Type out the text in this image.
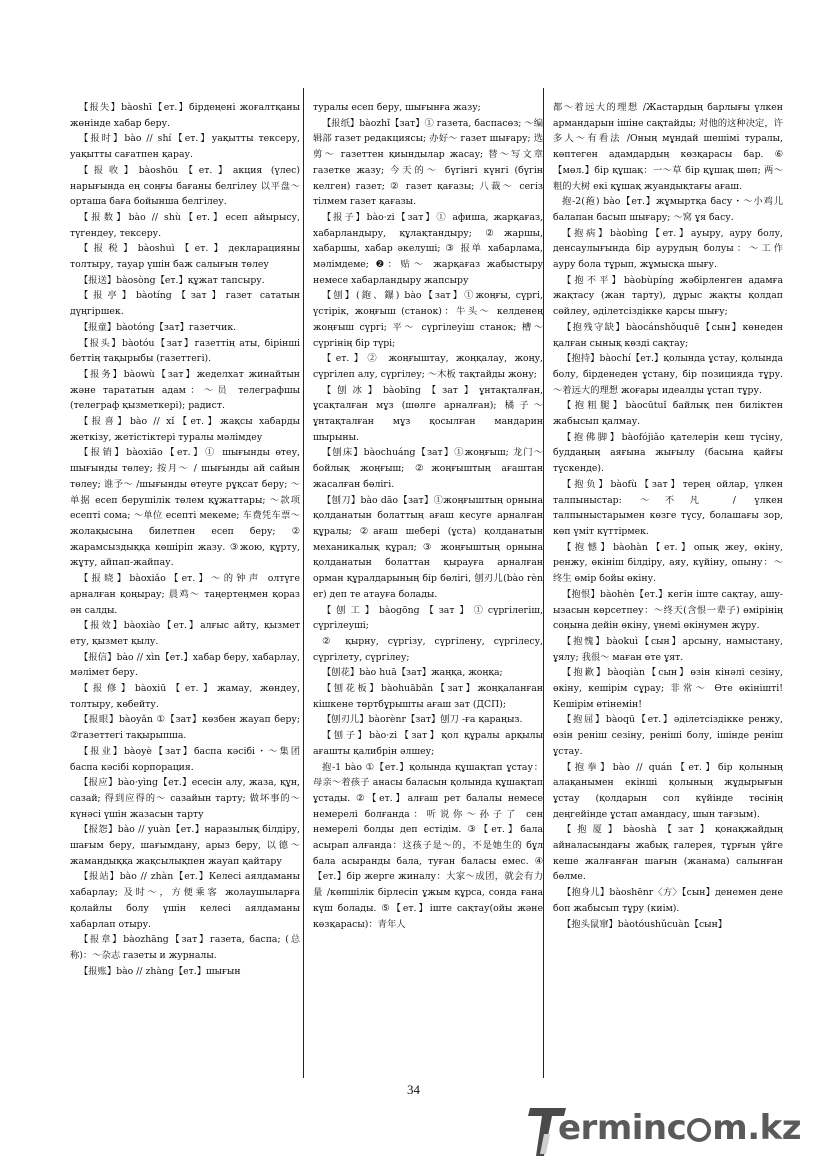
【报失】bàoshī【ет.】бірдеңені жоғалтқаны жөнінде хабар беру.

【报时】bào // shí【ет.】уақытты тексеру, уақытты сағатпен қарау.

【报收】bàoshōu【ет.】акция (үлес) нарығында ең соңғы бағаны белгілеу 以平盘～ орташа баға бойынша белгілеу.

【报数】bào // shù【ет.】есеп айырысу, түгендеу, тексеру.

【报税】bàoshuì【ет.】декларацияны толтыру, тауар үшін баж салығын төлеу

【报送】bàosòng【ет.】құжат тапсыру.

【报亭】bàotíng【зат】газет сататын дүңгіршек.

【报童】bàotóng【зат】газетчик.

【报头】bàotóu【зат】газеттің аты, бірінші беттің тақырыбы (газеттегі).

【报务】bàowù【зат】жеделхат жинайтын және тарататын адам：～员 телеграфшы (телеграф қызметкері); радист.

【报喜】bào // xǐ【ет.】жақсы хабарды жеткізу, жетістіктері туралы мәлімдеу

【报销】bàoxiāo【ет.】① шығынды өтеу, шығынды төлеу; 按月～ / шығынды ай сайын төлеу; 谁予～ /шығынды өтеуге рұқсат беру; ～单据 есеп берушілік төлем құжаттары; ～款项 есепті сома; ～单位 есепті мекеме; 车费凭车票～ жолақысына билетпен есеп беру; ② жарамсыздыққа көшіріп жазу. ③жою, құрту, жұту, айпап-жайпау.

【报晓】bàoxiǎo【ет.】～的钟声 олтүге арналған қоңырау; 晨鸡～ таңертеңмен қораз ән салды.

【报效】bàoxiào【ет.】алғыс айту, қызмет ету, қызмет қылу.

【报信】bào // xìn【ет.】хабар беру, хабарлау, мәлімет беру.

【报修】bàoxiū【ет.】жамау, жөндеу, толтыру, көбейту.

【报眼】bàoyǎn ①【зат】көзбен жауап беру; ②газеттегі тақырыпша.

【报业】bàoyè【зат】баспа кәсібі・～集团 баспа кәсібі корпорация.

【报应】bào·yìng【ет.】есесін алу, жаза, құн, сазай; 得到应得的～ сазайын тарту; 做坏事的～ күнәсі үшін жазасын тарту

【报怨】bào // yuàn【ет.】наразылық білдіру, шағым беру, шағымдану, арыз беру, 以德～ жамандыққа жақсылықпен жауап қайтару

【报站】bào // zhàn【ет.】Келесі аялдаманы хабарлау; 及时～，方便乘客 жолаушыларға қолайлы болу үшін келесі аялдаманы хабарлап отыру.

【报章】bàozhāng【зат】газета, баспа; (总称)：～杂志 газеты и журналы.

【报账】bào // zhàng【ет.】шығын

туралы есеп беру, шығынға жазу;

【报纸】bàozhǐ【зат】① газета, баспасөз; ～编辑部 газет редакциясы; 办好～ газет шығару; 选剪～ газеттен қиындылар жасау; 替～写文章 газетке жазу; 今天的～ бүгінгі күнгі (бүгін келген) газет; ② газет қағазы; 八裁～ сегіз тілмем газет қағазы.

【报子】bào·zi【зат】① афиша, жарқағаз, хабарландыру, құлақтандыру; ②жаршы, хабаршы, хабар әкелуші; ③ 报单 хабарлама, мәлімдеме; ❷：贴～ жарқағаз жабыстыру немесе хабарландыру жапсыру

【刨】(鉋、鑤) bào【зат】①жоңғы, сүргі, үстірік, жоңғыш (станок)：牛头～ келденең жоңғыш сүргі; 平～ сүргілеуіш станок; 槽～ сүргінің бір түрі;

【ет.】② жоңғыштау, жоңқалау, жоңу, сүргілеп алу, сүргілеу; ～木板 тақтайды жону;

【刨冰】bàobīng【зат】ұнтақталған, ұсақталған мұз (шөлге арналған); 橘子～ ұнтақталған мұз қосылған мандарин шырыны.

【刨床】bàochuáng【зат】①жоңғыш; 龙门～ бойлық жоңғыш; ②жоңғыштың ағаштан жасалған бөлігі.

【刨刀】bào dāo【зат】①жоңғыштың орнына қолданатын болаттың ағаш кесуге арналған құралы; ②ағаш шебері (ұста) қолданатын механикалық құрал; ③ жоңғыштың орнына қолданатын болаттан қырауға арналған орман құралдарының бір бөлігі, 刨刃儿(bào rèn er) деп те атауға болады.

【刨工】bàogōng【зат】①сүргілегіш, сүргілеуші;

② қырну, сүргізу, сүргілену, сүргілесу, сүргілету, сүргілеу;

【刨花】bào huā【зат】жаңқа, жоңқа;

【刨花板】bàohuābǎn【зат】жоңқаланған кішкене төртбұрышты ағаш зат (ДСП);

【刨刃儿】bàorènr【зат】刨刀 -ға қараңыз.

【刨子】bào·zi【зат】қол құралы арқылы ағашты қалибрін әлшеу;

抱-1 bào ①【ет.】қолында құшақтап ұстау：母亲～着孩子 анасы баласын қолында құшақтап ұстады. ②【ет.】алғаш рет балалы немесе немерелі болғанда：听说你～孙子了 сен немерелі болды деп естідім. ③【ет.】бала асырап алғанда：这孩子是～的，不是她生的 бұл бала асыранды бала, туған баласы емес. ④【ет.】бір жерге жиналу：大家～成团，就会有力量 /көпшілік бірлесіп ұжым құрса, сонда ғана күш болады. ⑤【ет.】іште сақтау(ойы және көзқарасы)：青年人

都～着远大的理想 /Жастардың барлығы үлкен армандарын ішіне сақтайды; 对他的这种决定，许多人～有看法 /Оның мұндай шешімі туралы, көптеген адамдардың көзқарасы бар. ⑥【мөл.】бір құшақ：一～草 бір құшақ шөп; 两～粗的大树 екі құшақ жуандықтағы ағаш.

抱-2(菢) bào【ет.】жұмыртқа басу・～小鸡儿 балапан басып шығару; ～窝 ұя басу.

【抱病】bàobìng【ет.】ауыру, ауру болу, денсаулығында бір аурудың болуы：～工作 ауру бола тұрып, жұмысқа шығу.

【抱不平】bàobùpíng жәбірленген адамға жақтасу (жан тарту), дұрыс жақты қолдап сөйлеу, әділетсіздікке қарсы шығу;

【抱残守缺】bàocánshǒuquē【сын】көнеден қалған сынық көзді сақтау;

【抱持】bàochí【ет.】қолында ұстау, қолында болу, бірденеден ұстану, бір позицияда тұру. ～着远大的理想 жоғары идеалды ұстап тұру.

【抱粗腿】bàocūtuǐ байлық пен биліктен жабысып қалмау.

【抱佛脚】bàofójiǎo қателерін кеш түсіну, буддаңың аяғына жығылу (басына қайғы түскенде).

【抱负】bàofù【зат】терең ойлар, үлкен талпыныстар: ～不凡 / үлкен талпыныстарымен көзге түсу, болашағы зор, көп үміт күттірмек.

【抱憾】bàohàn【ет.】опық жеу, өкіну, ренжу, өкініш білдіру, аяу, күйіну, опыну：～终生 өмір бойы өкіну.

【抱恨】bàohèn【ет.】кегін іште сақтау, ашу-ызасын көрсетпеу：～终天(含恨一辈子) өмірінің соңына дейін өкіну, үнемі өкінумен жүру.

【抱愧】bàokuì【сын】арсыну, намыстану, ұялу; 我很～ маған өте ұят.

【抱歉】bàoqiàn【сын】өзін кінәлі сезіну, өкіну, кешірім сұрау; 非常～ Өте өкінішті! Кешірім өтінемін!

【抱屈】bàoqū【ет.】әділетсіздікке ренжу, өзін реніш сезіну, реніші болу, ішінде реніш ұстау.

【抱拳】bào // quán【ет.】бір қолының алақанымен екінші қолының жұдырығын ұстау (қолдарын сол күйінде төсінің деңгейінде ұстап амандасу, шын тағзым).

【抱厦】bàoshà【зат】қонақжайдың айналасындағы жабық галерея, тұрғын үйге кеше жалғанған шағын (жанама) салынған бөлме.

【抱身儿】bàoshēnr〈方〉【сын】денемен дене боп жабысып тұру (киім).

【抱头鼠窜】bàotóushǔcuàn【сын】

34
erminc m.kz
